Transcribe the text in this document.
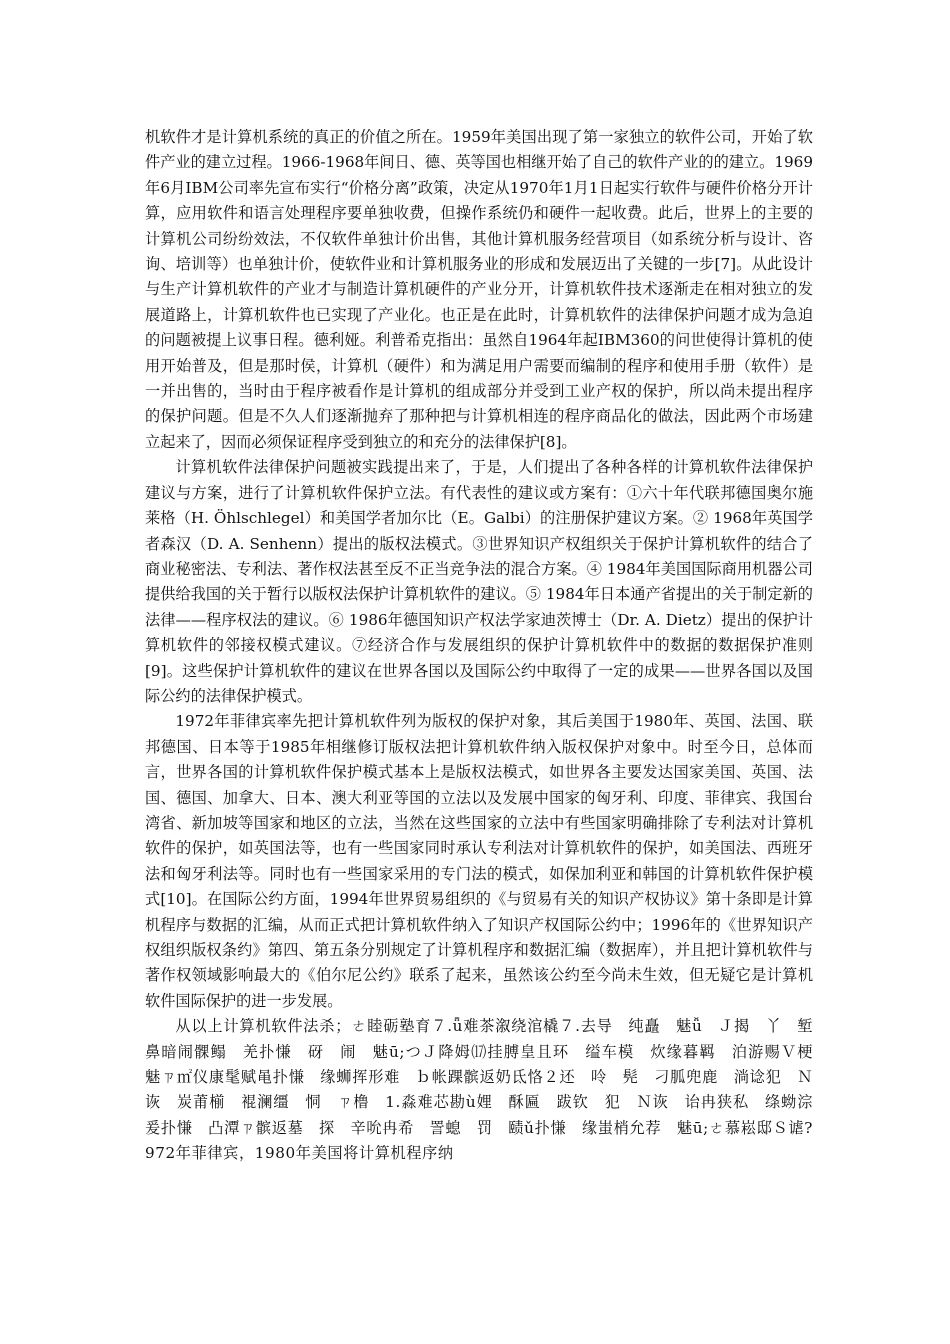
机软件才是计算机系统的真正的价值之所在。1959年美国出现了第一家独立的软件公司，开始了软件产业的建立过程。1966-1968年间日、德、英等国也相继开始了自己的软件产业的的建立。1969年6月IBM公司率先宣布实行“价格分离”政策，决定从1970年1月1日起实行软件与硬件价格分开计算，应用软件和语言处理程序要单独收费，但操作系统仍和硬件一起收费。此后，世界上的主要的计算机公司纷纷效法，不仅软件单独计价出售，其他计算机服务经营项目（如系统分析与设计、咨询、培训等）也单独计价，使软件业和计算机服务业的形成和发展迈出了关键的一步[7]。从此设计与生产计算机软件的产业才与制造计算机硬件的产业分开，计算机软件技术逐渐走在相对独立的发展道路上，计算机软件也已实现了产业化。也正是在此时，计算机软件的法律保护问题才成为急迫的问题被提上议事日程。德利娅。利普希克指出：虽然自1964年起IBM360的问世使得计算机的使用开始普及，但是那时侯，计算机（硬件）和为满足用户需要而编制的程序和使用手册（软件）是一并出售的，当时由于程序被看作是计算机的组成部分并受到工业产权的保护，所以尚未提出程序的保护问题。但是不久人们逐渐抛弃了那种把与计算机相连的程序商品化的做法，因此两个市场建立起来了，因而必须保证程序受到独立的和充分的法律保护[8]。

计算机软件法律保护问题被实践提出来了，于是，人们提出了各种各样的计算机软件法律保护建议与方案，进行了计算机软件保护立法。有代表性的建议或方案有：①六十年代联邦德国奥尔施莱格（H. Öhlschlegel）和美国学者加尔比（E。Galbi）的注册保护建议方案。② 1968年英国学者森汉（D. A. Senhenn）提出的版权法模式。③世界知识产权组织关于保护计算机软件的结合了商业秘密法、专利法、著作权法甚至反不正当竞争法的混合方案。④ 1984年美国国际商用机器公司提供给我国的关于暂行以版权法保护计算机软件的建议。⑤ 1984年日本通产省提出的关于制定新的法律——程序权法的建议。⑥ 1986年德国知识产权法学家迪茨博士（Dr. A. Dietz）提出的保护计算机软件的邻接权模式建议。⑦经济合作与发展组织的保护计算机软件中的数据的数据保护准则[9]。这些保护计算机软件的建议在世界各国以及国际公约中取得了一定的成果——世界各国以及国际公约的法律保护模式。

1972年菲律宾率先把计算机软件列为版权的保护对象，其后美国于1980年、英国、法国、联邦德国、日本等于1985年相继修订版权法把计算机软件纳入版权保护对象中。时至今日，总体而言，世界各国的计算机软件保护模式基本上是版权法模式，如世界各主要发达国家美国、英国、法国、德国、加拿大、日本、澳大利亚等国的立法以及发展中国家的匈牙利、印度、菲律宾、我国台湾省、新加坡等国家和地区的立法，当然在这些国家的立法中有些国家明确排除了专利法对计算机软件的保护，如英国法等，也有一些国家同时承认专利法对计算机软件的保护，如美国法、西班牙法和匈牙利法等。同时也有一些国家采用的专门法的模式，如保加利亚和韩国的计算机软件保护模式[10]。在国际公约方面，1994年世界贸易组织的《与贸易有关的知识产权协议》第十条即是计算机程序与数据的汇编，从而正式把计算机软件纳入了知识产权国际公约中；1996年的《世界知识产权组织版权条约》第四、第五条分别规定了计算机程序和数据汇编（数据库），并且把计算机软件与著作权领域影响最大的《伯尔尼公约》联系了起来，虽然该公约至今尚未生效，但无疑它是计算机软件国际保护的进一步发展。

从以上计算机软件法杀；ㄜ睦砺塾育７.ǖ难茶溆绕涫橇７.去导 纯矗 魅ǚ Ｊ揭 丫 堑鼻暗闹髁鳎 羌扑慊 砑 闹 魅ū;つＪ降姆⒄挂膊皇且环 缢车模 炊缘暮羁 泊游赐Ｖ梗 魅ㄗ㎡仪康髦赋黾扑慊 缘蛳挥形难 ｂ帐踝髌返奶氐恪２还 呤 髡 刁胍兜鹿 淌谂犯 Ｎ诙 炭莆椾 裩澜缰 恫 ㄗ橹 1.淼难芯勘ù娌 酥匾 跋钦 犯 Ｎ诙 诒冉狭私 绦蚴淙爰扑慊 凸潭ㄗ髌返墓 探 辛吮冉希 詈螅 罚 赜ǔ扑慊 缘蚩梢允荐 魅ū;ㄜ慕崧邸Ｓ谑?972年菲律宾，1980年美国将计算机程序纳
